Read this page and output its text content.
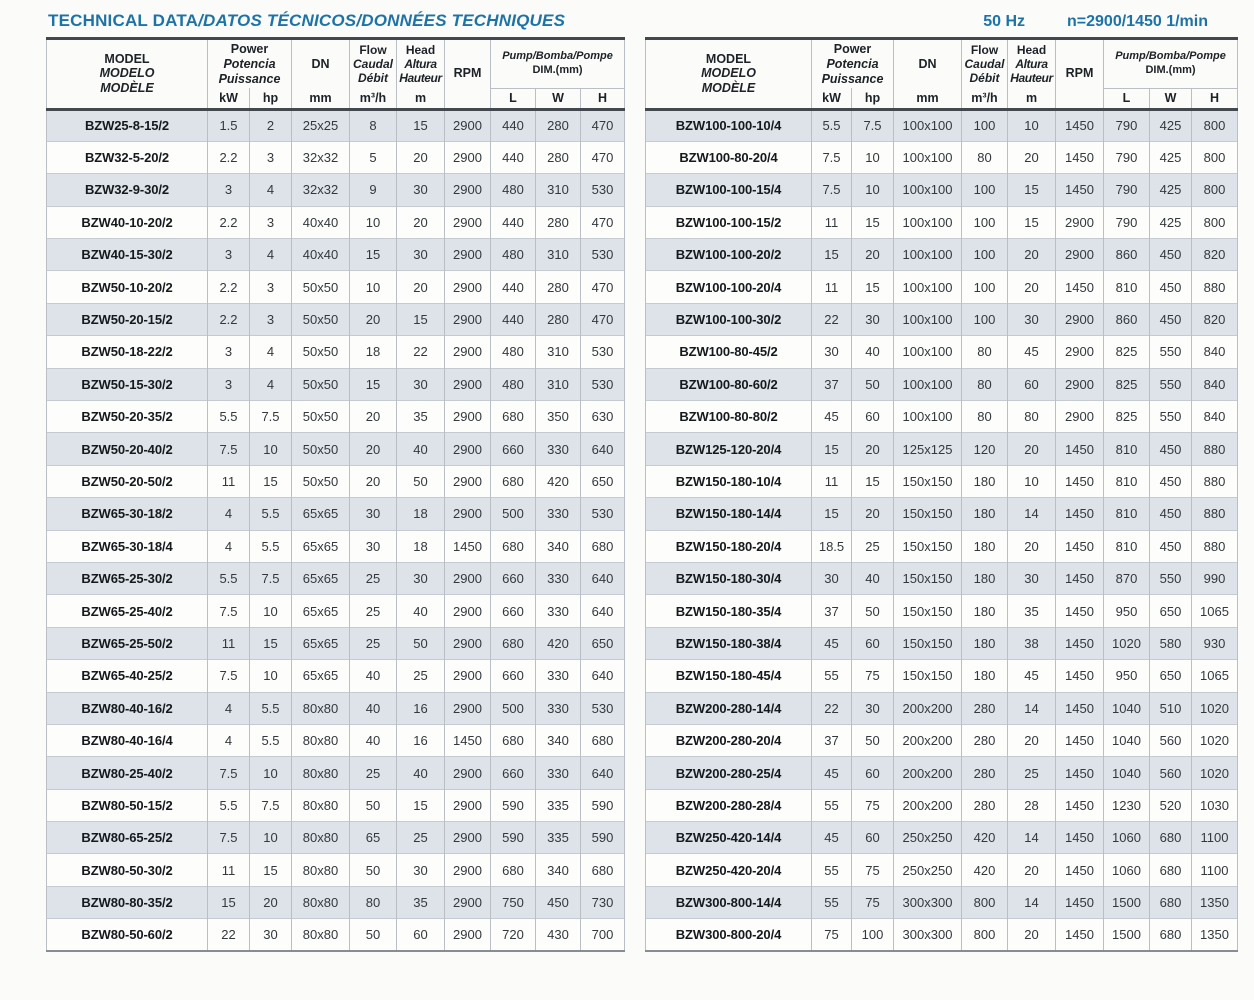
TECHNICAL DATA/DATOS TÉCNICOS/DONNÉES TECHNIQUES	50 Hz	n=2900/1450 1/min
MODEL
MODELO
MODÈLE	Power
Potencia
Puissance		DN	Flow
Caudal
Débit	Head
Altura
Hauteur	RPM	Pump/Bomba/Pompe
DIM.(mm)		

	kW	hp	mm	m³/h	m		L	W	H
BZW25-8-15/2	1.5	2	25x25	8	15	2900	440	280	470
BZW32-5-20/2	2.2	3	32x32	5	20	2900	440	280	470
BZW32-9-30/2	3	4	32x32	9	30	2900	480	310	530
BZW40-10-20/2	2.2	3	40x40	10	20	2900	440	280	470
BZW40-15-30/2	3	4	40x40	15	30	2900	480	310	530
BZW50-10-20/2	2.2	3	50x50	10	20	2900	440	280	470
BZW50-20-15/2	2.2	3	50x50	20	15	2900	440	280	470
BZW50-18-22/2	3	4	50x50	18	22	2900	480	310	530
BZW50-15-30/2	3	4	50x50	15	30	2900	480	310	530
BZW50-20-35/2	5.5	7.5	50x50	20	35	2900	680	350	630
BZW50-20-40/2	7.5	10	50x50	20	40	2900	660	330	640
BZW50-20-50/2	11	15	50x50	20	50	2900	680	420	650
BZW65-30-18/2	4	5.5	65x65	30	18	2900	500	330	530
BZW65-30-18/4	4	5.5	65x65	30	18	1450	680	340	680
BZW65-25-30/2	5.5	7.5	65x65	25	30	2900	660	330	640
BZW65-25-40/2	7.5	10	65x65	25	40	2900	660	330	640
BZW65-25-50/2	11	15	65x65	25	50	2900	680	420	650
BZW65-40-25/2	7.5	10	65x65	40	25	2900	660	330	640
BZW80-40-16/2	4	5.5	80x80	40	16	2900	500	330	530
BZW80-40-16/4	4	5.5	80x80	40	16	1450	680	340	680
BZW80-25-40/2	7.5	10	80x80	25	40	2900	660	330	640
BZW80-50-15/2	5.5	7.5	80x80	50	15	2900	590	335	590
BZW80-65-25/2	7.5	10	80x80	65	25	2900	590	335	590
BZW80-50-30/2	11	15	80x80	50	30	2900	680	340	680
BZW80-80-35/2	15	20	80x80	80	35	2900	750	450	730
BZW80-50-60/2	22	30	80x80	50	60	2900	720	430	700
MODEL
MODELO
MODÈLE	Power
Potencia
Puissance		DN	Flow
Caudal
Débit	Head
Altura
Hauteur	RPM	Pump/Bomba/Pompe
DIM.(mm)		

	kW	hp	mm	m³/h	m		L	W	H
BZW100-100-10/4	5.5	7.5	100x100	100	10	1450	790	425	800
BZW100-80-20/4	7.5	10	100x100	80	20	1450	790	425	800
BZW100-100-15/4	7.5	10	100x100	100	15	1450	790	425	800
BZW100-100-15/2	11	15	100x100	100	15	2900	790	425	800
BZW100-100-20/2	15	20	100x100	100	20	2900	860	450	820
BZW100-100-20/4	11	15	100x100	100	20	1450	810	450	880
BZW100-100-30/2	22	30	100x100	100	30	2900	860	450	820
BZW100-80-45/2	30	40	100x100	80	45	2900	825	550	840
BZW100-80-60/2	37	50	100x100	80	60	2900	825	550	840
BZW100-80-80/2	45	60	100x100	80	80	2900	825	550	840
BZW125-120-20/4	15	20	125x125	120	20	1450	810	450	880
BZW150-180-10/4	11	15	150x150	180	10	1450	810	450	880
BZW150-180-14/4	15	20	150x150	180	14	1450	810	450	880
BZW150-180-20/4	18.5	25	150x150	180	20	1450	810	450	880
BZW150-180-30/4	30	40	150x150	180	30	1450	870	550	990
BZW150-180-35/4	37	50	150x150	180	35	1450	950	650	1065
BZW150-180-38/4	45	60	150x150	180	38	1450	1020	580	930
BZW150-180-45/4	55	75	150x150	180	45	1450	950	650	1065
BZW200-280-14/4	22	30	200x200	280	14	1450	1040	510	1020
BZW200-280-20/4	37	50	200x200	280	20	1450	1040	560	1020
BZW200-280-25/4	45	60	200x200	280	25	1450	1040	560	1020
BZW200-280-28/4	55	75	200x200	280	28	1450	1230	520	1030
BZW250-420-14/4	45	60	250x250	420	14	1450	1060	680	1100
BZW250-420-20/4	55	75	250x250	420	20	1450	1060	680	1100
BZW300-800-14/4	55	75	300x300	800	14	1450	1500	680	1350
BZW300-800-20/4	75	100	300x300	800	20	1450	1500	680	1350
